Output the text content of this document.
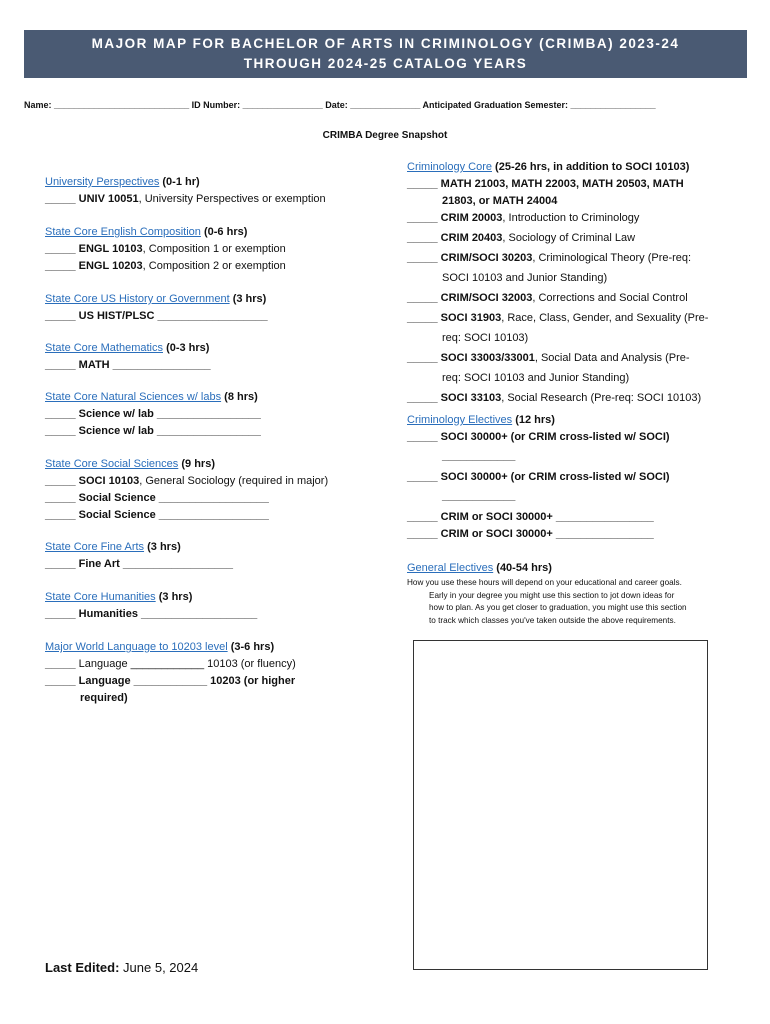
MAJOR MAP FOR BACHELOR OF ARTS IN CRIMINOLOGY (CRIMBA) 2023-24
THROUGH 2024-25 CATALOG YEARS
Name: ___________________________ ID Number: ________________ Date: ______________ Anticipated Graduation Semester: _________________
CRIMBA Degree Snapshot

University Perspectives (0-1 hr)

_____ UNIV 10051, University Perspectives or exemption

State Core English Composition (0-6 hrs)

_____ ENGL 10103, Composition 1 or exemption

_____ ENGL 10203, Composition 2 or exemption

State Core US History or Government (3 hrs)

_____ US HIST/PLSC __________________

State Core Mathematics (0-3 hrs)

_____ MATH ________________

State Core Natural Sciences w/ labs (8 hrs)

_____ Science w/ lab _________________

_____ Science w/ lab _________________

State Core Social Sciences (9 hrs)

_____ SOCI 10103, General Sociology (required in major)

_____ Social Science __________________

_____ Social Science __________________

State Core Fine Arts (3 hrs)

_____ Fine Art __________________

State Core Humanities (3 hrs)

_____ Humanities ___________________

Major World Language to 10203 level (3-6 hrs)

_____ Language ____________ 10103 (or fluency)

_____ Language ____________ 10203 (or higher

required)

Criminology Core (25-26 hrs, in addition to SOCI 10103)

_____ MATH 21003, MATH 22003, MATH 20503, MATH

21803, or MATH 24004

_____ CRIM 20003, Introduction to Criminology

_____ CRIM 20403, Sociology of Criminal Law

_____ CRIM/SOCI 30203, Criminological Theory (Pre-req:

SOCI 10103 and Junior Standing)

_____ CRIM/SOCI 32003, Corrections and Social Control

_____ SOCI 31903, Race, Class, Gender, and Sexuality (Pre-

req: SOCI 10103)

_____ SOCI 33003/33001, Social Data and Analysis (Pre-

req: SOCI 10103 and Junior Standing)

_____ SOCI 33103, Social Research (Pre-req: SOCI 10103)

Criminology Electives (12 hrs)

_____ SOCI 30000+ (or CRIM cross-listed w/ SOCI)

____________

_____ SOCI 30000+ (or CRIM cross-listed w/ SOCI)

____________

_____ CRIM or SOCI 30000+ ________________

_____ CRIM or SOCI 30000+ ________________

General Electives (40-54 hrs)

How you use these hours will depend on your educational and career goals.

Early in your degree you might use this section to jot down ideas for

how to plan. As you get closer to graduation, you might use this section

to track which classes you've taken outside the above requirements.

Last Edited: June 5, 2024
